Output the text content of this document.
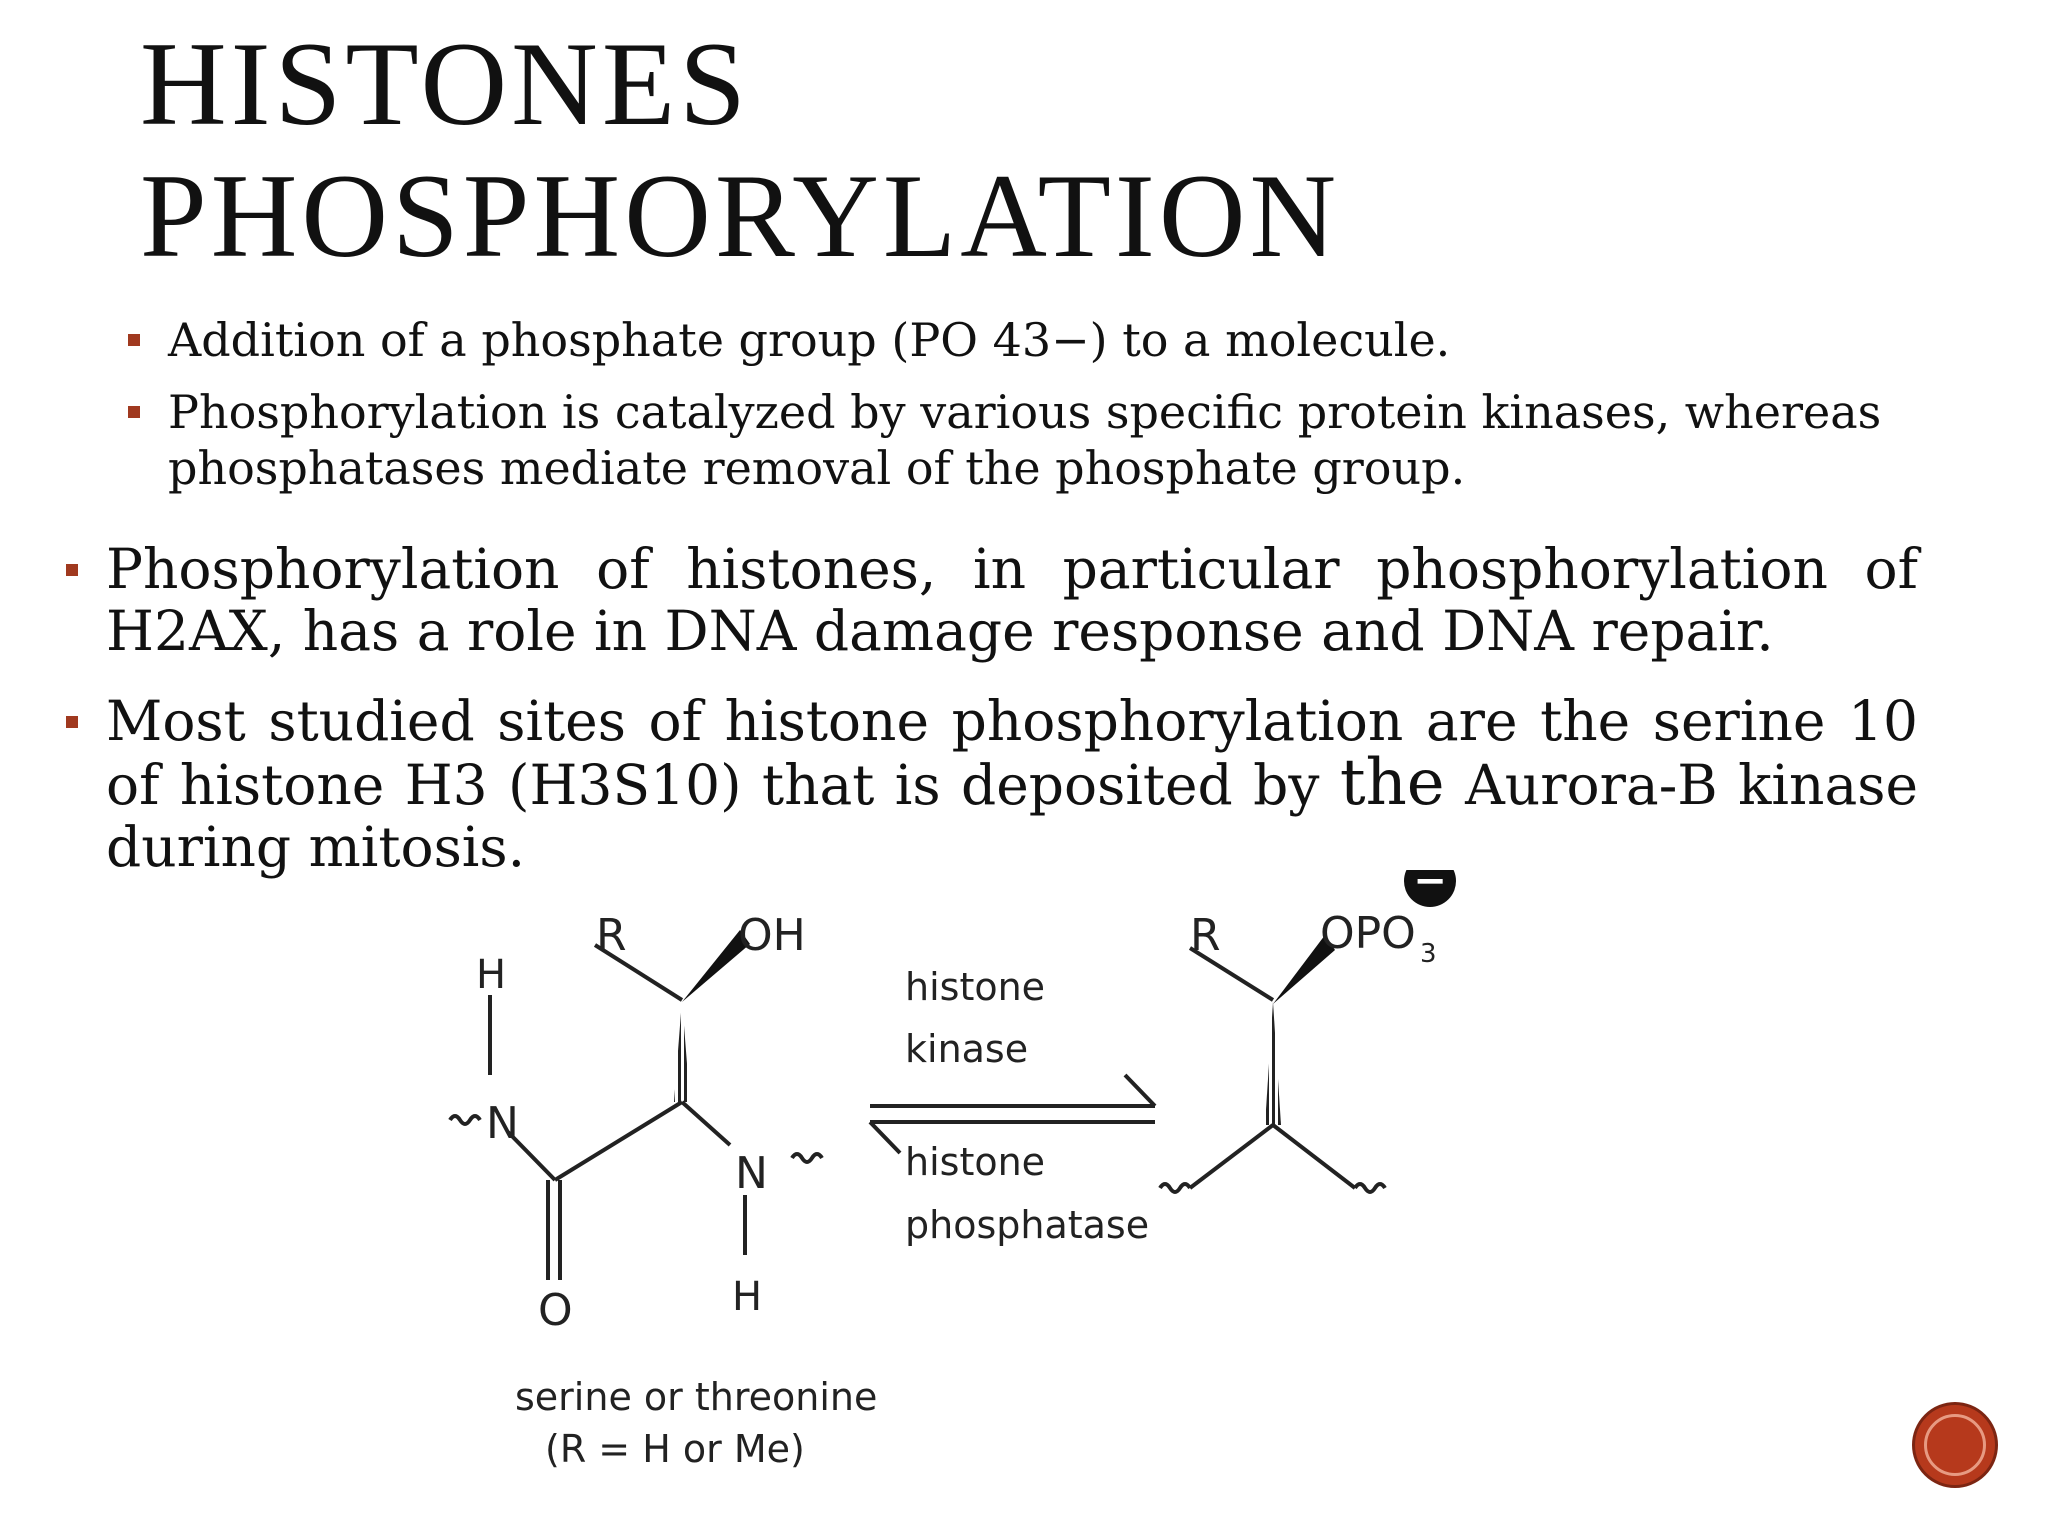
HISTONES
PHOSPHORYLATION
Addition of a phosphate group (PO 43−) to a molecule.
Phosphorylation is catalyzed by various specific protein kinases, whereas phosphatases mediate removal of the phosphate group.
Phosphorylation of histones, in particular phosphorylation of H2AX, has a role in DNA damage response and DNA repair.
Most studied sites of histone phosphorylation are the serine 10 of histone H3 (H3S10) that is deposited by the Aurora-B kinase during mitosis.
R	OH
H
N
O
N
H
serine or threonine
(R = H or Me)
histone
kinase
histone
phosphatase
R OPO 3
−
